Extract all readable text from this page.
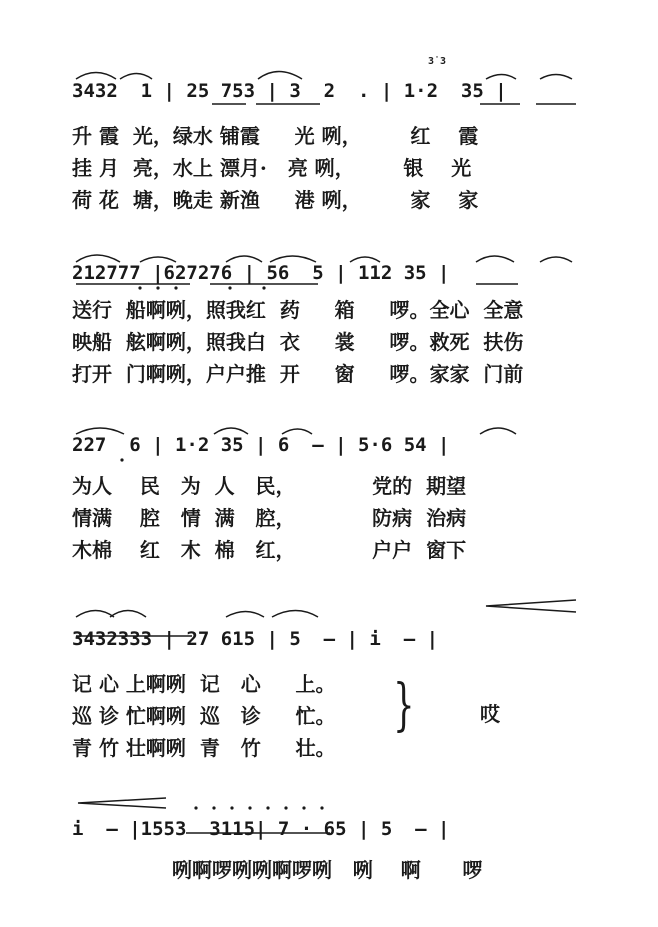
3432  1 | 25 753 | 3  2  . | 1·2  35 |
3̇ 3
升 霞  光，绿水 铺霞     光 咧，       红    霞
挂 月  亮，水上 漂月·   亮 咧，       银    光
荷 花  塘，晚走 新渔     港 咧，       家    家
212777 |627276 | 56  5 | 112 35 |
送行  船啊咧，照我红  药     箱     啰。全心  全意
映船  舷啊咧，照我白  衣     裳     啰。救死  扶伤
打开  门啊咧，户户推  开     窗     啰。家家  门前
227  6 | 1·2 35 | 6  — | 5·6 54 |
为人    民   为  人   民，           党的  期望
情满    腔   情  满   腔，           防病  治病
木棉    红   木  棉   红，           户户  窗下
3432333 | 27 615 | 5  — | i  — |
记 心 上啊咧  记   心     上。
巡 诊 忙啊咧  巡   诊     忙。
青 竹 壮啊咧  青   竹     壮。
}	哎
i  — |1553  3115| 7 · 65 | 5  — |
咧啊啰咧咧啊啰咧   咧    啊      啰
